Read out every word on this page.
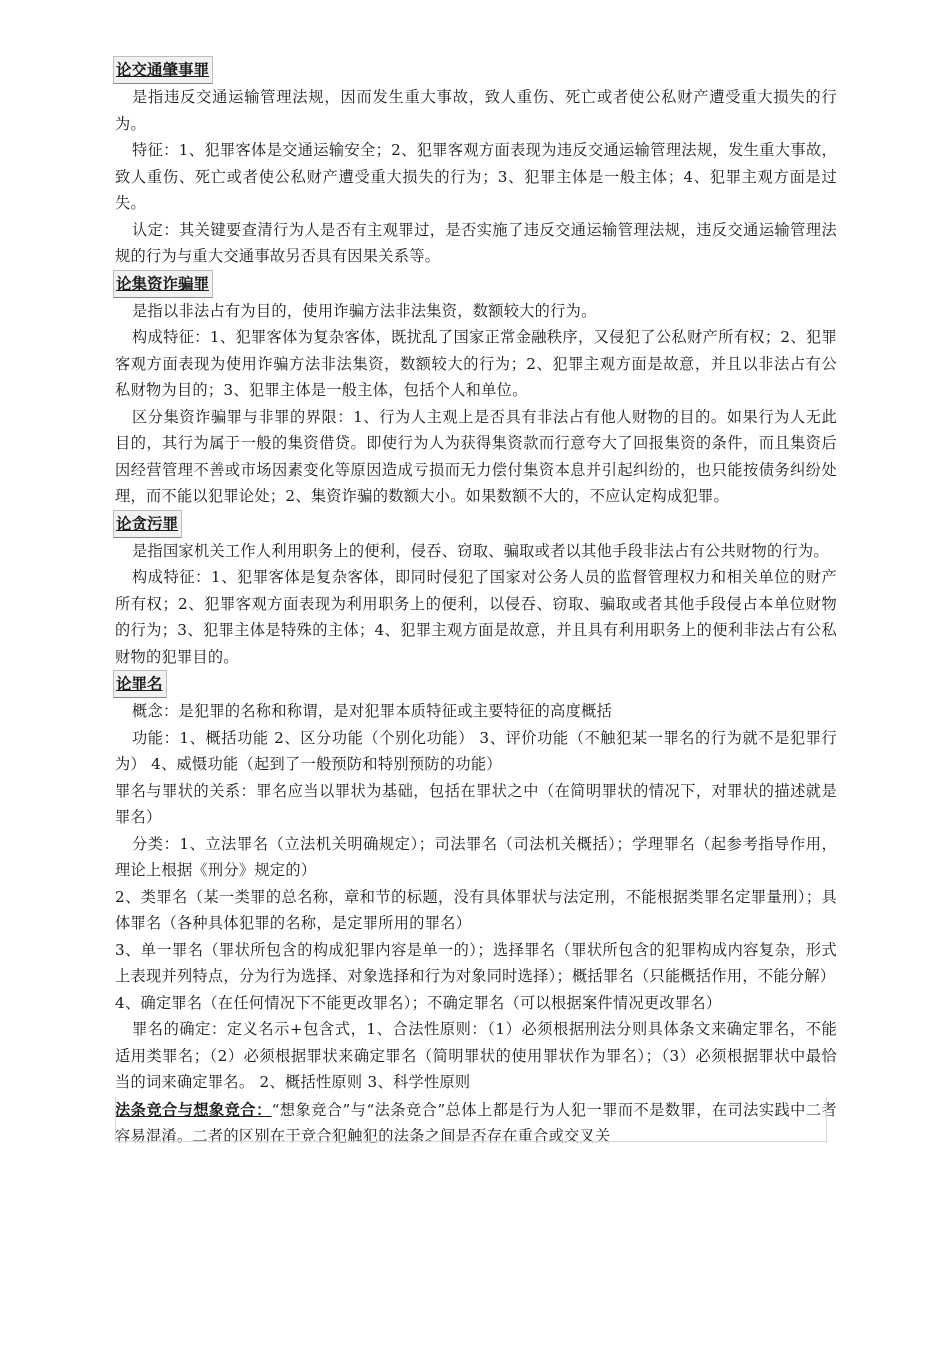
论交通肇事罪

是指违反交通运输管理法规，因而发生重大事故，致人重伤、死亡或者使公私财产遭受重大损失的行为。

特征：1、犯罪客体是交通运输安全；2、犯罪客观方面表现为违反交通运输管理法规，发生重大事故，致人重伤、死亡或者使公私财产遭受重大损失的行为；3、犯罪主体是一般主体；4、犯罪主观方面是过失。

认定：其关键要查清行为人是否有主观罪过，是否实施了违反交通运输管理法规，违反交通运输管理法规的行为与重大交通事故另否具有因果关系等。

论集资诈骗罪

是指以非法占有为目的，使用诈骗方法非法集资，数额较大的行为。

构成特征：1、犯罪客体为复杂客体，既扰乱了国家正常金融秩序，又侵犯了公私财产所有权；2、犯罪客观方面表现为使用诈骗方法非法集资，数额较大的行为；2、犯罪主观方面是故意，并且以非法占有公私财物为目的；3、犯罪主体是一般主体，包括个人和单位。

区分集资诈骗罪与非罪的界限：1、行为人主观上是否具有非法占有他人财物的目的。如果行为人无此目的，其行为属于一般的集资借贷。即使行为人为获得集资款而行意夸大了回报集资的条件，而且集资后因经营管理不善或市场因素变化等原因造成亏损而无力偿付集资本息并引起纠纷的，也只能按债务纠纷处理，而不能以犯罪论处；2、集资诈骗的数额大小。如果数额不大的，不应认定构成犯罪。

论贪污罪

是指国家机关工作人利用职务上的便利，侵吞、窃取、骗取或者以其他手段非法占有公共财物的行为。

构成特征：1、犯罪客体是复杂客体，即同时侵犯了国家对公务人员的监督管理权力和相关单位的财产所有权；2、犯罪客观方面表现为利用职务上的便利，以侵吞、窃取、骗取或者其他手段侵占本单位财物的行为；3、犯罪主体是特殊的主体；4、犯罪主观方面是故意，并且具有利用职务上的便利非法占有公私财物的犯罪目的。

论罪名

概念：是犯罪的名称和称谓，是对犯罪本质特征或主要特征的高度概括

功能：1、概括功能 2、区分功能（个别化功能） 3、评价功能（不触犯某一罪名的行为就不是犯罪行为） 4、威慑功能（起到了一般预防和特别预防的功能）

罪名与罪状的关系：罪名应当以罪状为基础，包括在罪状之中（在简明罪状的情况下，对罪状的描述就是罪名）

分类：1、立法罪名（立法机关明确规定）；司法罪名（司法机关概括）；学理罪名（起参考指导作用，理论上根据《刑分》规定的）

2、类罪名（某一类罪的总名称，章和节的标题，没有具体罪状与法定刑，不能根据类罪名定罪量刑）；具体罪名（各种具体犯罪的名称，是定罪所用的罪名）

3、单一罪名（罪状所包含的构成犯罪内容是单一的）；选择罪名（罪状所包含的犯罪构成内容复杂，形式上表现并列特点，分为行为选择、对象选择和行为对象同时选择）；概括罪名（只能概括作用，不能分解）

4、确定罪名（在任何情况下不能更改罪名）；不确定罪名（可以根据案件情况更改罪名）

罪名的确定：定义名示+包含式，1、合法性原则：（1）必须根据刑法分则具体条文来确定罪名，不能适用类罪名；（2）必须根据罪状来确定罪名（简明罪状的使用罪状作为罪名）；（3）必须根据罪状中最恰当的词来确定罪名。 2、概括性原则 3、科学性原则

法条竞合与想象竞合：“想象竞合”与“法条竞合”总体上都是行为人犯一罪而不是数罪，在司法实践中二者容易混淆。二者的区别在于竞合犯触犯的法条之间是否存在重合或交叉关
